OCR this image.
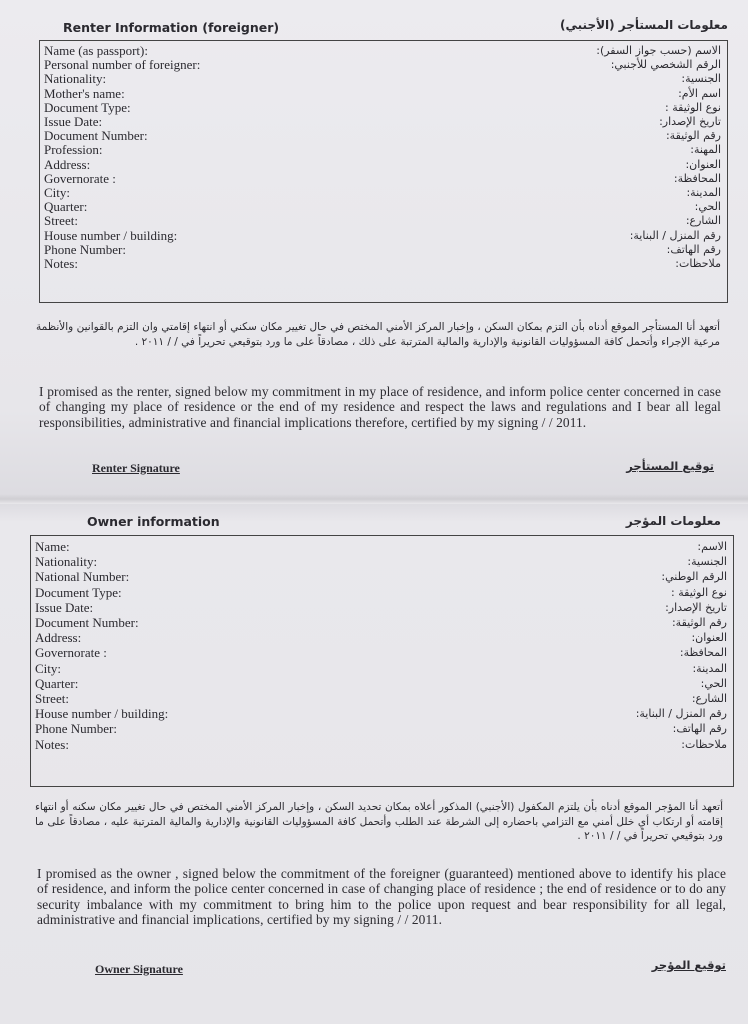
Renter Information (foreigner)	معلومات المستأجر (الأجنبي)
Name (as passport):	الاسم (حسب جواز السفر):
Personal number of foreigner:	الرقم الشخصي للأجنبي:
Nationality:	الجنسية:
Mother's name:	اسم الأم:
Document Type:	نوع الوثيقة :
Issue Date:	تاريخ الإصدار:
Document Number:	رقم الوثيقة:
Profession:	المهنة:
Address:	العنوان:
Governorate :	المحافظة:
City:	المدينة:
Quarter:	الحي:
Street:	الشارع:
House number / building:	رقم المنزل / البناية:
Phone Number:	رقم الهاتف:
Notes:	ملاحظات:
أتعهد أنا المستأجر الموقع أدناه بأن التزم بمكان السكن ، وإخبار المركز الأمني المختص في حال تغيير مكان سكني أو انتهاء إقامتي وان التزم بالقوانين والأنظمة مرعية الإجراء وأتحمل كافة المسؤوليات القانونية والإدارية والمالية المترتبة على ذلك ، مصادقاً على ما ورد بتوقيعي تحريراً في / / ٢٠١١ .
I promised as the renter, signed below my commitment in my place of residence, and inform police center concerned in case of changing my place of residence or the end of my residence and respect the laws and regulations and I bear all legal responsibilities, administrative and financial implications therefore, certified by my signing / / 2011.
Renter Signature	توقيع المستأجر
Owner information	معلومات المؤجر
Name:	الاسم:
Nationality:	الجنسية:
National Number:	الرقم الوطني:
Document Type:	نوع الوثيقة :
Issue Date:	تاريخ الإصدار:
Document Number:	رقم الوثيقة:
Address:	العنوان:
Governorate :	المحافظة:
City:	المدينة:
Quarter:	الحي:
Street:	الشارع:
House number / building:	رقم المنزل / البناية:
Phone Number:	رقم الهاتف:
Notes:	ملاحظات:
أتعهد أنا المؤجر الموقع أدناه بأن يلتزم المكفول (الأجنبي) المذكور أعلاه بمكان تحديد السكن ، وإخبار المركز الأمني المختص في حال تغيير مكان سكنه أو انتهاء إقامته أو ارتكاب أي خلل أمني مع التزامي باحضاره إلى الشرطة عند الطلب وأتحمل كافة المسؤوليات القانونية والإدارية والمالية المترتبة عليه ، مصادقاً على ما ورد بتوقيعي تحريراً في / / ٢٠١١ .
I promised as the owner , signed below the commitment of the foreigner (guaranteed) mentioned above to identify his place of residence, and inform the police center concerned in case of changing place of residence ; the end of residence or to do any security imbalance with my commitment to bring him to the police upon request and bear responsibility for all legal, administrative and financial implications, certified by my signing / / 2011.
Owner Signature	توقيع المؤجر
